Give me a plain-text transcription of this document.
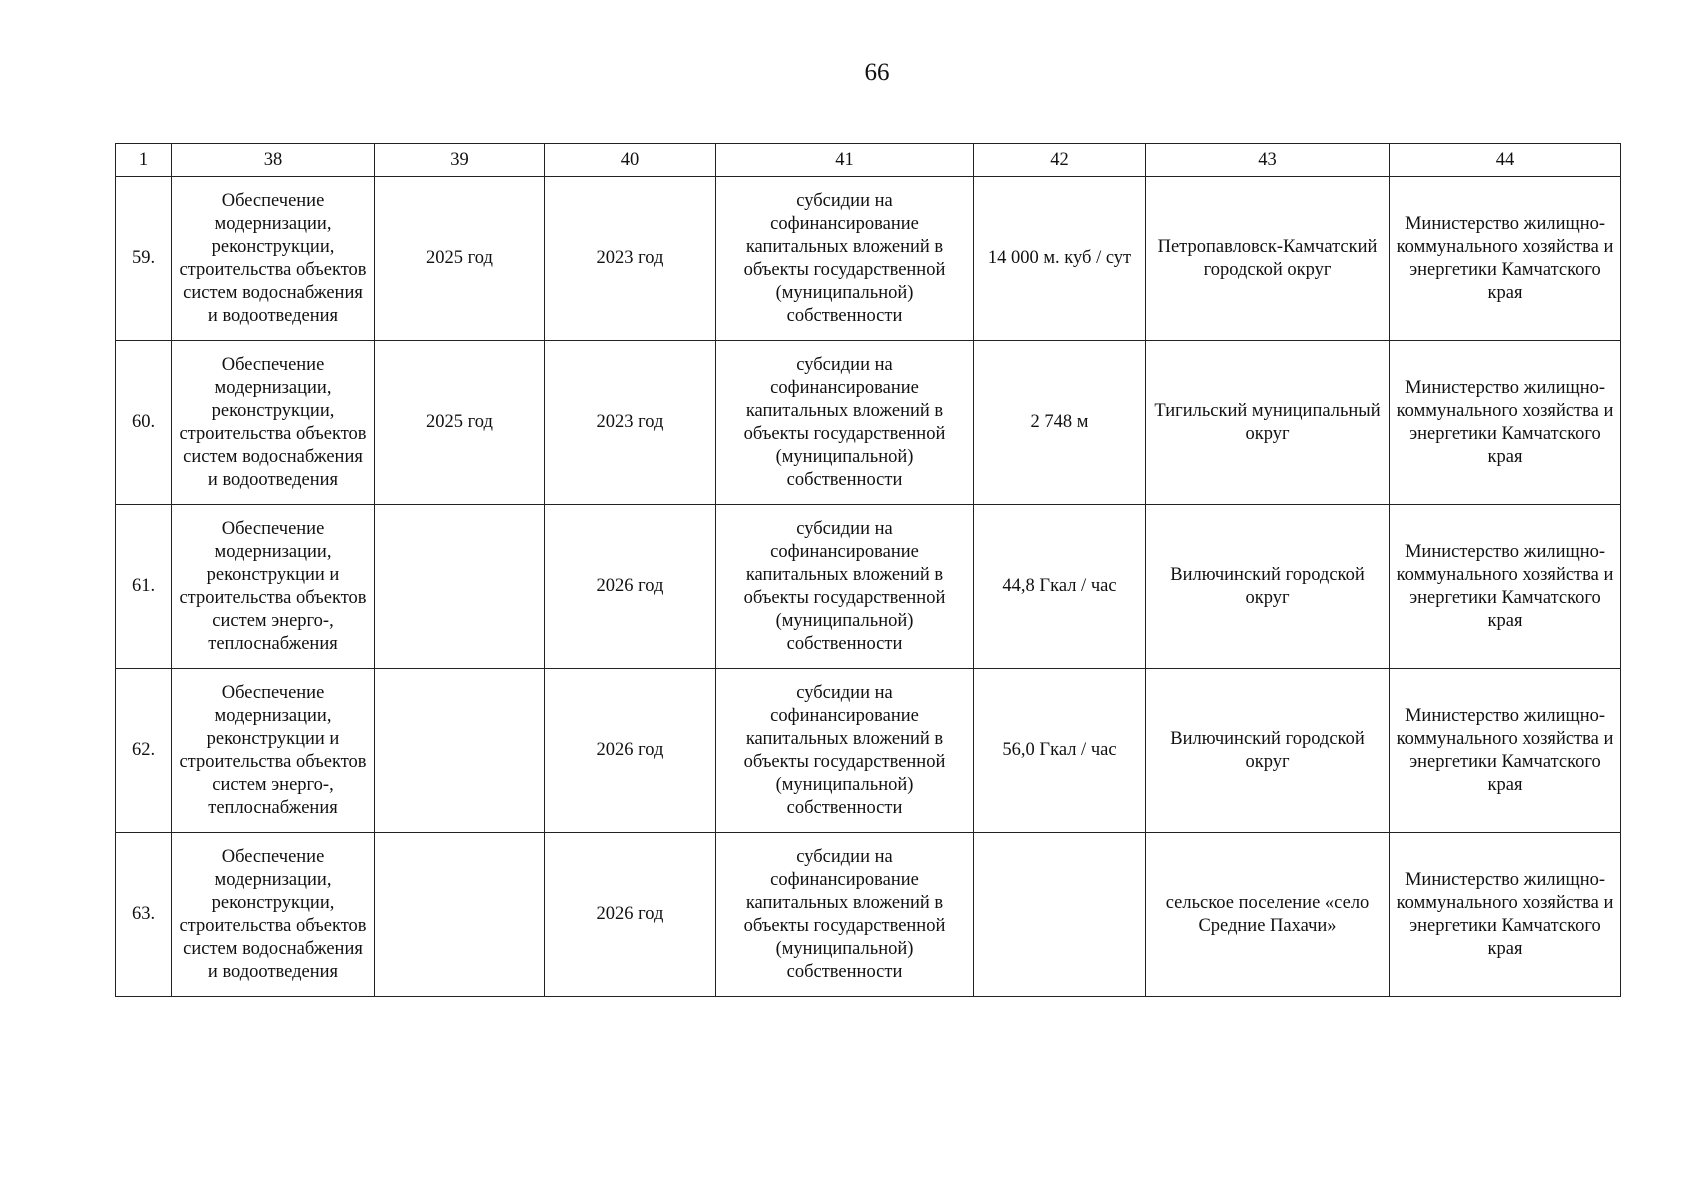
66
1	38	39	40	41	42	43	44
59.	Обеспечение модернизации, реконструкции, строительства объектов систем водоснабжения и водоотведения	2025 год	2023 год	субсидии на софинансирование капитальных вложений в объекты государственной (муниципальной) собственности	14 000 м. куб / сут	Петропавловск-Камчатский городской округ	Министерство жилищно-коммунального хозяйства и энергетики Камчатского края
60.	Обеспечение модернизации, реконструкции, строительства объектов систем водоснабжения и водоотведения	2025 год	2023 год	субсидии на софинансирование капитальных вложений в объекты государственной (муниципальной) собственности	2 748 м	Тигильский муниципальный округ	Министерство жилищно-коммунального хозяйства и энергетики Камчатского края
61.	Обеспечение модернизации, реконструкции и строительства объектов систем энерго-, теплоснабжения		2026 год	субсидии на софинансирование капитальных вложений в объекты государственной (муниципальной) собственности	44,8 Гкал / час	Вилючинский городской округ	Министерство жилищно-коммунального хозяйства и энергетики Камчатского края
62.	Обеспечение модернизации, реконструкции и строительства объектов систем энерго-, теплоснабжения		2026 год	субсидии на софинансирование капитальных вложений в объекты государственной (муниципальной) собственности	56,0 Гкал / час	Вилючинский городской округ	Министерство жилищно-коммунального хозяйства и энергетики Камчатского края
63.	Обеспечение модернизации, реконструкции, строительства объектов систем водоснабжения и водоотведения		2026 год	субсидии на софинансирование капитальных вложений в объекты государственной (муниципальной) собственности		сельское поселение «село Средние Пахачи»	Министерство жилищно-коммунального хозяйства и энергетики Камчатского края
